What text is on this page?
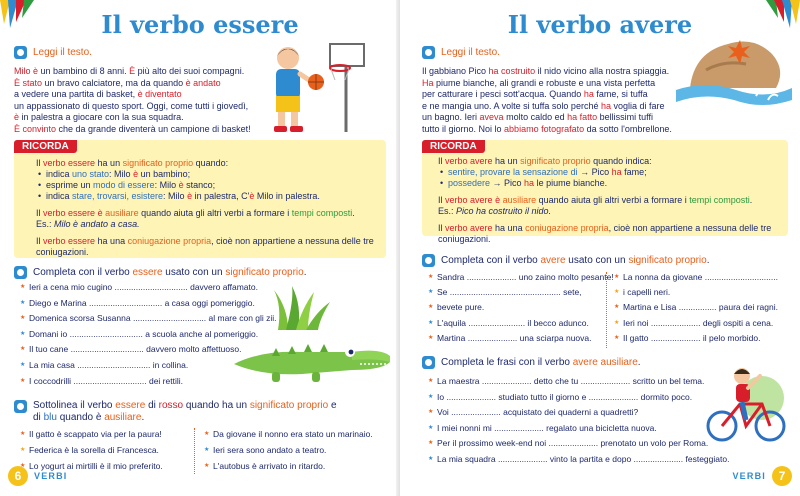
Il verbo essere
Leggi il testo.
Milo è un bambino di 8 anni. È più alto dei suoi compagni.
È stato un bravo calciatore, ma da quando è andato
a vedere una partita di basket, è diventato
un appassionato di questo sport. Oggi, come tutti i giovedì,
è in palestra a giocare con la sua squadra.
È convinto che da grande diventerà un campione di basket!
RICORDA
Il verbo essere ha un significato proprio quando:
• indica uno stato: Milo è un bambino;
• esprime un modo di essere: Milo è stanco;
• indica stare, trovarsi, esistere: Milo è in palestra, C'è Milo in palestra.
Il verbo essere è ausiliare quando aiuta gli altri verbi a formare i tempi composti.
Es.: Milo è andato a casa.
Il verbo essere ha una coniugazione propria, cioè non appartiene a nessuna delle tre
coniugazioni.
Completa con il verbo essere usato con un significato proprio.
★ Ieri a cena mio cugino ............................... davvero affamato.
★ Diego e Marina ............................... a casa oggi pomeriggio.
★ Domenica scorsa Susanna ............................... al mare con gli zii.
★ Domani io ............................... a scuola anche al pomeriggio.
★ Il tuo cane ............................... davvero molto affettuoso.
★ La mia casa ............................... in collina.
★ I coccodrilli ............................... dei rettili.
Sottolinea il verbo essere di rosso quando ha un significato proprio e
di blu quando è ausiliare.
★ Il gatto è scappato via per la paura!
★ Federica è la sorella di Francesca.
★ Lo yogurt ai mirtilli è il mio preferito.
★ Da giovane il nonno era stato un marinaio.
★ Ieri sera sono andato a teatro.
★ L'autobus è arrivato in ritardo.
6	VERBI
Il verbo avere
Leggi il testo.
Il gabbiano Pico ha costruito il nido vicino alla nostra spiaggia.
Ha piume bianche, ali grandi e robuste e una vista perfetta
per catturare i pesci sott'acqua. Quando ha fame, si tuffa
e ne mangia uno. A volte si tuffa solo perché ha voglia di fare
un bagno. Ieri aveva molto caldo ed ha fatto bellissimi tuffi
tutto il giorno. Noi lo abbiamo fotografato da sotto l'ombrellone.
RICORDA
Il verbo avere ha un significato proprio quando indica:
• sentire, provare la sensazione di → Pico ha fame;
• possedere → Pico ha le piume bianche.
Il verbo avere è ausiliare quando aiuta gli altri verbi a formare i tempi composti.
Es.: Pico ha costruito il nido.
Il verbo avere ha una coniugazione propria, cioè non appartiene a nessuna delle tre
coniugazioni.
Completa con il verbo avere usato con un significato proprio.
★ Sandra ..................... uno zaino molto pesante!
★ Se ............................................... sete,
★ bevete pure.
★ L'aquila ........................ il becco adunco.
★ Martina ..................... una sciarpa nuova.
★ La nonna da giovane ...............................
★ i capelli neri.
★ Martina e Lisa ................ paura dei ragni.
★ Ieri noi ..................... degli ospiti a cena.
★ Il gatto ..................... il pelo morbido.
Completa le frasi con il verbo avere ausiliare.
★ La maestra ..................... detto che tu ..................... scritto un bel tema.
★ Io ..................... studiato tutto il giorno e ..................... dormito poco.
★ Voi ..................... acquistato dei quaderni a quadretti?
★ I miei nonni mi ..................... regalato una bicicletta nuova.
★ Per il prossimo week-end noi ..................... prenotato un volo per Roma.
★ La mia squadra ..................... vinto la partita e dopo ..................... festeggiato.
VERBI	7
